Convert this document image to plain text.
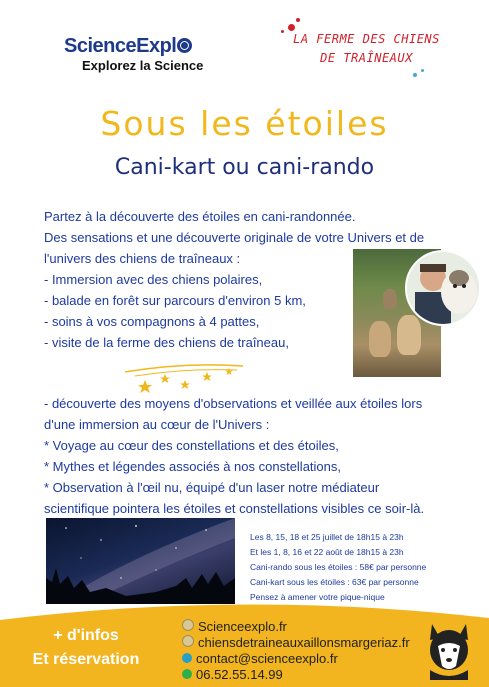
ScienceExpl
Explorez la Science
LA FERME DES CHIENS
DE TRAÎNEAUX
Sous les étoiles
Cani-kart ou cani-rando
Partez à la découverte des étoiles en cani-randonnée.
Des sensations et une découverte originale de votre Univers et de
l'univers des chiens de traîneaux :
- Immersion avec des chiens polaires,
- balade en forêt sur parcours d'environ 5 km,
- soins à vos compagnons à 4 pattes,
- visite de la ferme des chiens de traîneau,
- découverte des moyens d'observations et veillée aux étoiles lors
d'une immersion au cœur de l'Univers :
* Voyage au cœur des constellations et des étoiles,
* Mythes et légendes associés à nos constellations,
* Observation à l'œil nu, équipé d'un laser notre médiateur
scientifique pointera les étoiles et constellations visibles ce soir-là.
Les 8, 15, 18 et 25 juillet de 18h15 à 23h
Et les 1, 8, 16 et 22 août de 18h15 à 23h
Cani-rando sous les étoiles : 58€ par personne
Cani-kart sous les étoiles : 63€ par personne
Pensez à amener votre pique-nique
+ d'infos
Et réservation
Scienceexplo.fr
chiensdetraineauxaillonsmargeriaz.fr
contact@scienceexplo.fr
06.52.55.14.99
